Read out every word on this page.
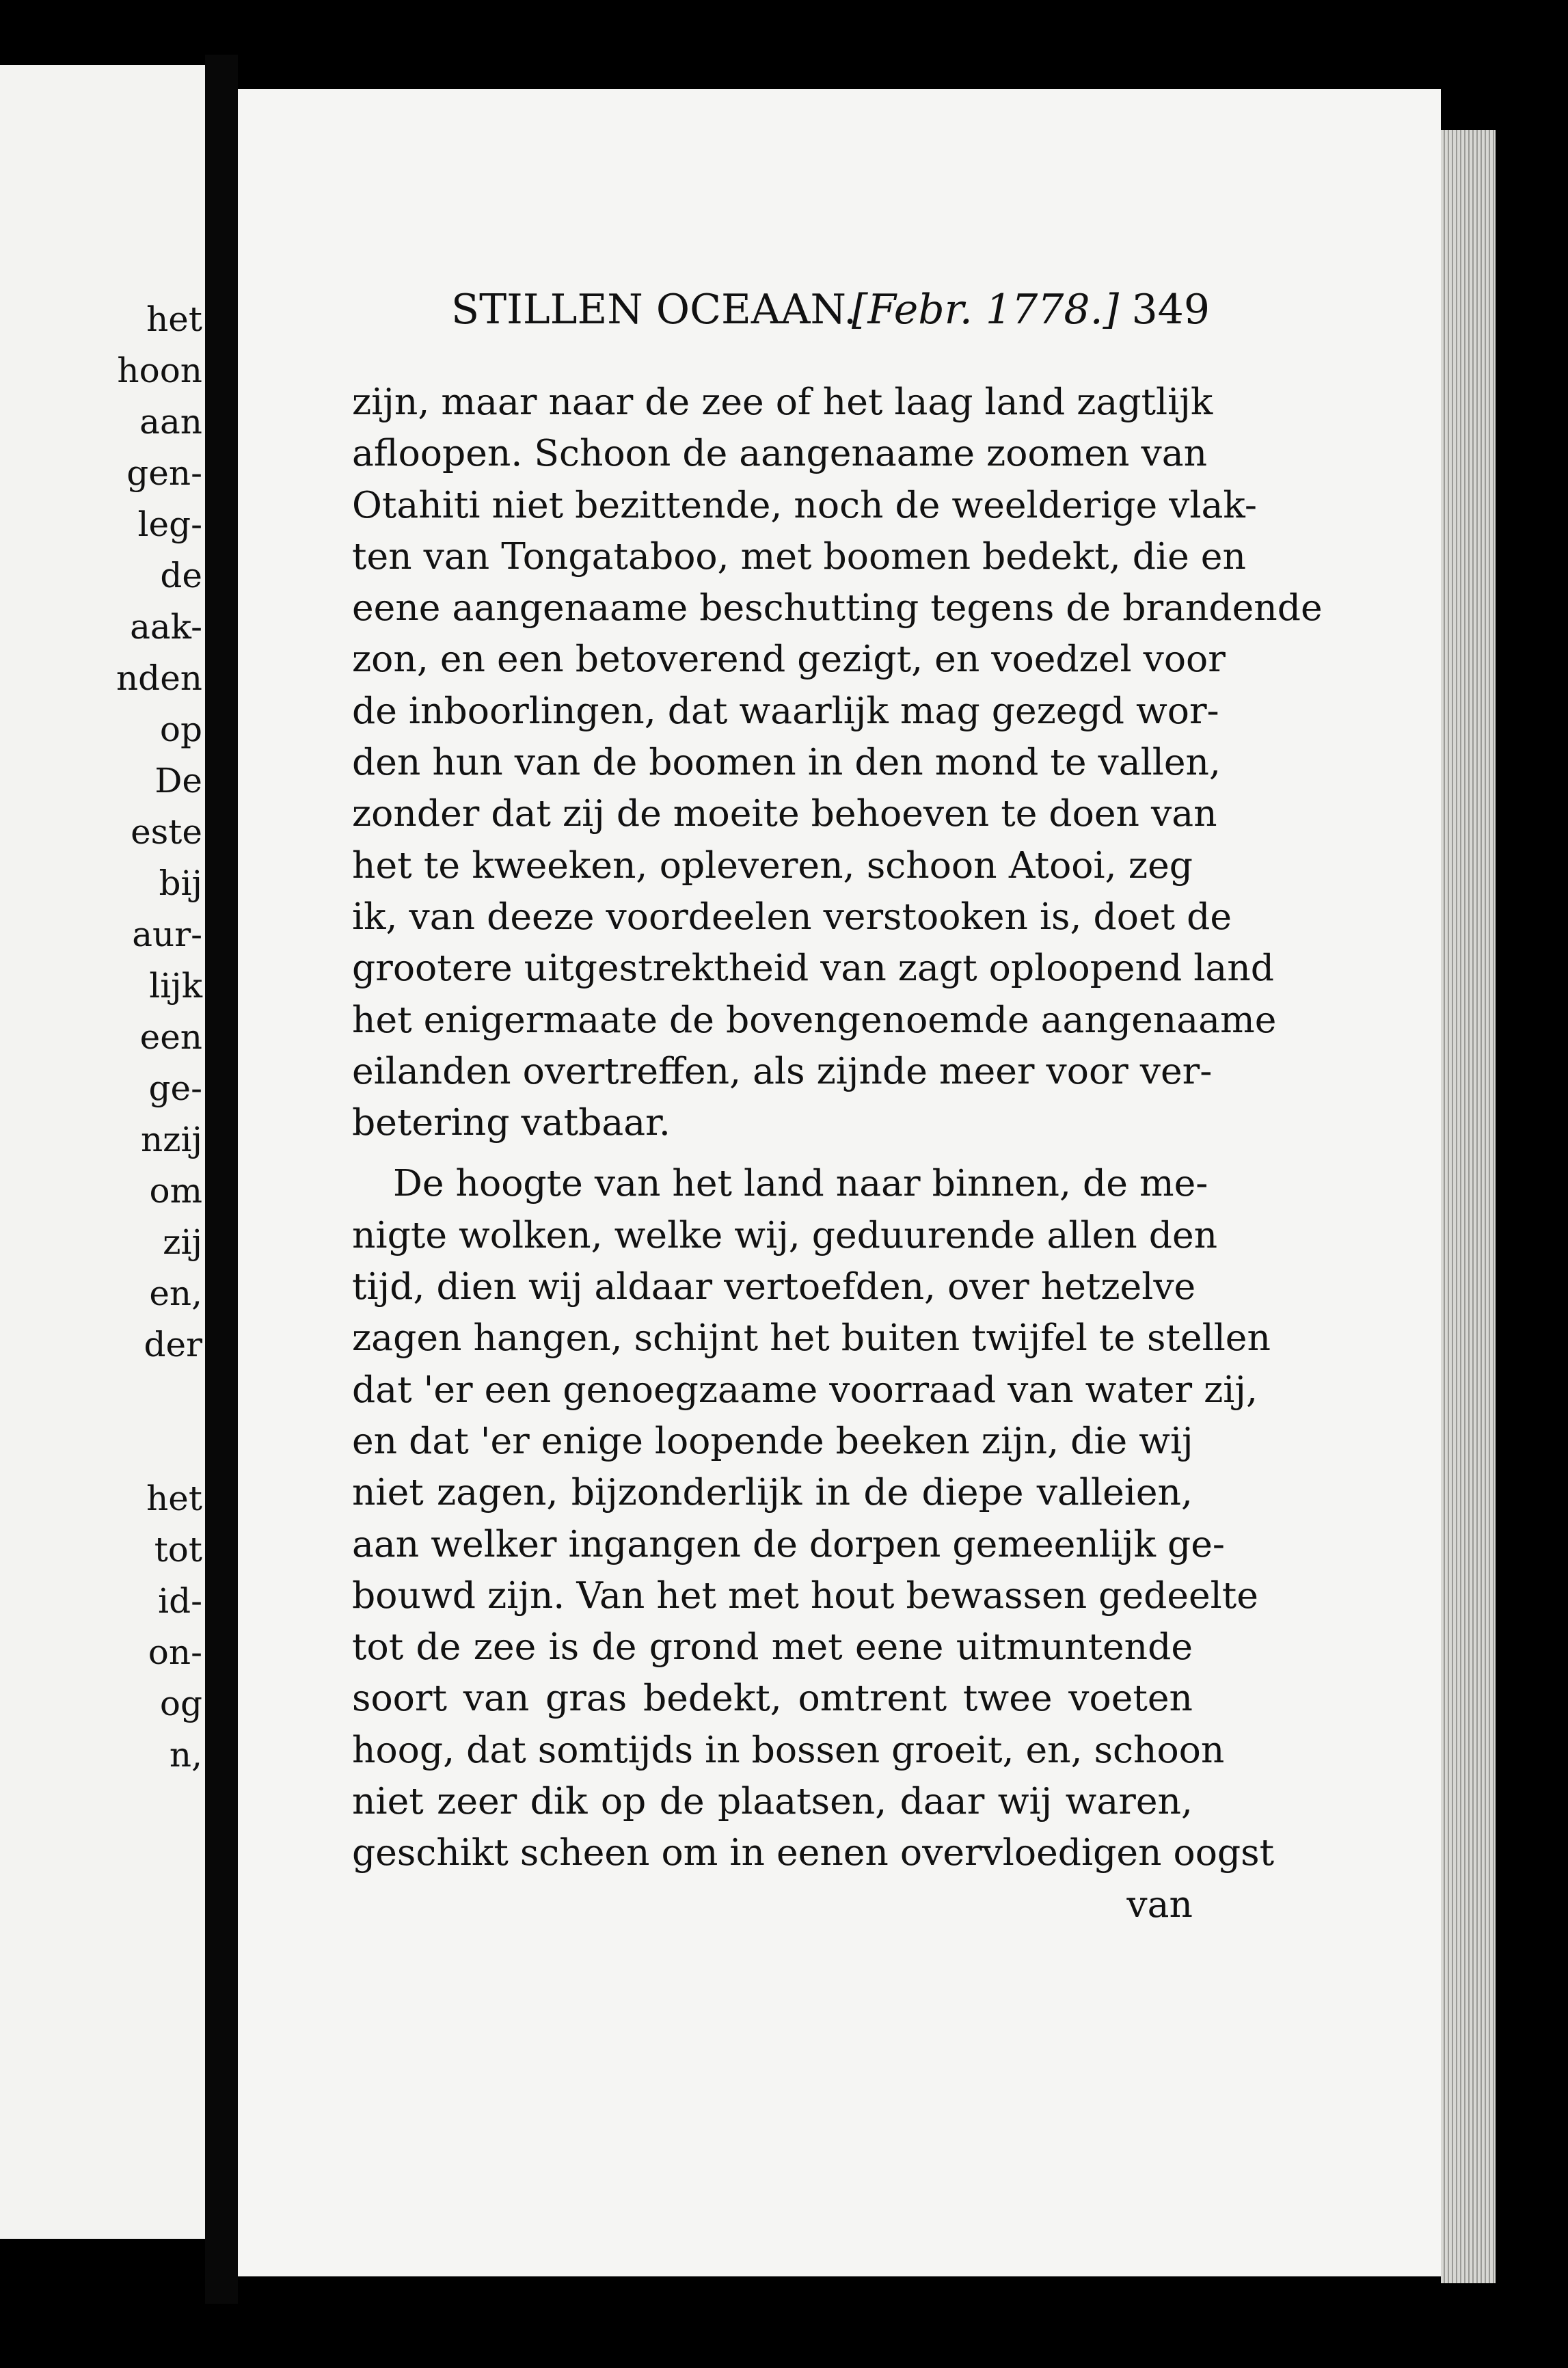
het
hoon
aan
gen-
leg-
de
aak-
nden
op
De
este
bij
aur-
lijk
een
ge-
nzij
om
zij
en,
der
het
tot
id-
on-
og
n,
STILLEN OCEAAN.
[Febr. 1778.] 349
zijn, maar naar de zee of het laag land zagtlijk
afloopen. Schoon de aangenaame zoomen van
Otahiti niet bezittende, noch de weelderige vlak-
ten van Tongataboo, met boomen bedekt, die en
eene aangenaame beschutting tegens de brandende
zon, en een betoverend gezigt, en voedzel voor
de inboorlingen, dat waarlijk mag gezegd wor-
den hun van de boomen in den mond te vallen,
zonder dat zij de moeite behoeven te doen van
het te kweeken, opleveren, schoon Atooi, zeg
ik, van deeze voordeelen verstooken is, doet de
grootere uitgestrektheid van zagt oploopend land
het enigermaate de bovengenoemde aangenaame
eilanden overtreffen, als zijnde meer voor ver-
betering vatbaar.
De hoogte van het land naar binnen, de me-
nigte wolken, welke wij, geduurende allen den
tijd, dien wij aldaar vertoefden, over hetzelve
zagen hangen, schijnt het buiten twijfel te stellen
dat 'er een genoegzaame voorraad van water zij,
en dat 'er enige loopende beeken zijn, die wij
niet zagen, bijzonderlijk in de diepe valleien,
aan welker ingangen de dorpen gemeenlijk ge-
bouwd zijn. Van het met hout bewassen gedeelte
tot de zee is de grond met eene uitmuntende
soort van gras bedekt, omtrent twee voeten
hoog, dat somtijds in bossen groeit, en, schoon
niet zeer dik op de plaatsen, daar wij waren,
geschikt scheen om in eenen overvloedigen oogst
van
